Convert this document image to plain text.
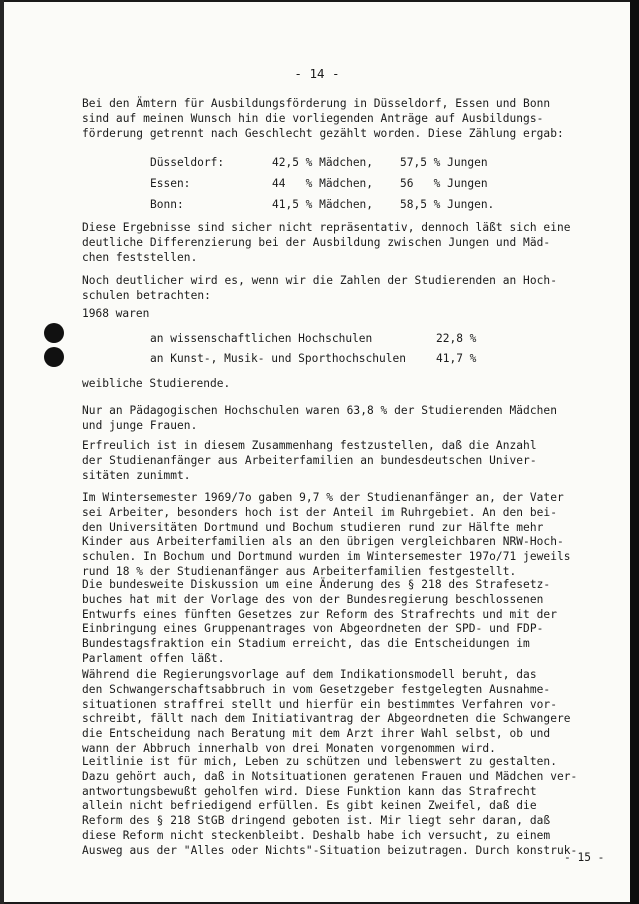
- 14 -
Bei den Ämtern für Ausbildungsförderung in Düsseldorf, Essen und Bonn
sind auf meinen Wunsch hin die vorliegenden Anträge auf Ausbildungs-
förderung getrennt nach Geschlecht gezählt worden. Diese Zählung ergab:
Düsseldorf:	42,5 % Mädchen, 57,5 % Jungen
Essen:	44   % Mädchen, 56   % Jungen
Bonn:	41,5 % Mädchen, 58,5 % Jungen.
Diese Ergebnisse sind sicher nicht repräsentativ, dennoch läßt sich eine
deutliche Differenzierung bei der Ausbildung zwischen Jungen und Mäd-
chen feststellen.
Noch deutlicher wird es, wenn wir die Zahlen der Studierenden an Hoch-
schulen betrachten:
1968 waren
an wissenschaftlichen Hochschulen	22,8 %
an Kunst-, Musik- und Sporthochschulen	41,7 %
weibliche Studierende.
Nur an Pädagogischen Hochschulen waren 63,8 % der Studierenden Mädchen
und junge Frauen.
Erfreulich ist in diesem Zusammenhang festzustellen, daß die Anzahl
der Studienanfänger aus Arbeiterfamilien an bundesdeutschen Univer-
sitäten zunimmt.
Im Wintersemester 1969/7o gaben 9,7 % der Studienanfänger an, der Vater
sei Arbeiter, besonders hoch ist der Anteil im Ruhrgebiet. An den bei-
den Universitäten Dortmund und Bochum studieren rund zur Hälfte mehr
Kinder aus Arbeiterfamilien als an den übrigen vergleichbaren NRW-Hoch-
schulen. In Bochum und Dortmund wurden im Wintersemester 197o/71 jeweils
rund 18 % der Studienanfänger aus Arbeiterfamilien festgestellt.
Die bundesweite Diskussion um eine Änderung des § 218 des Strafesetz-
buches hat mit der Vorlage des von der Bundesregierung beschlossenen
Entwurfs eines fünften Gesetzes zur Reform des Strafrechts und mit der
Einbringung eines Gruppenantrages von Abgeordneten der SPD- und FDP-
Bundestagsfraktion ein Stadium erreicht, das die Entscheidungen im
Parlament offen läßt.
Während die Regierungsvorlage auf dem Indikationsmodell beruht, das
den Schwangerschaftsabbruch in vom Gesetzgeber festgelegten Ausnahme-
situationen straffrei stellt und hierfür ein bestimmtes Verfahren vor-
schreibt, fällt nach dem Initiativantrag der Abgeordneten die Schwangere
die Entscheidung nach Beratung mit dem Arzt ihrer Wahl selbst, ob und
wann der Abbruch innerhalb von drei Monaten vorgenommen wird.
Leitlinie ist für mich, Leben zu schützen und lebenswert zu gestalten.
Dazu gehört auch, daß in Notsituationen geratenen Frauen und Mädchen ver-
antwortungsbewußt geholfen wird. Diese Funktion kann das Strafrecht
allein nicht befriedigend erfüllen. Es gibt keinen Zweifel, daß die
Reform des § 218 StGB dringend geboten ist. Mir liegt sehr daran, daß
diese Reform nicht steckenbleibt. Deshalb habe ich versucht, zu einem
Ausweg aus der "Alles oder Nichts"-Situation beizutragen. Durch konstruk-
- 15 -
